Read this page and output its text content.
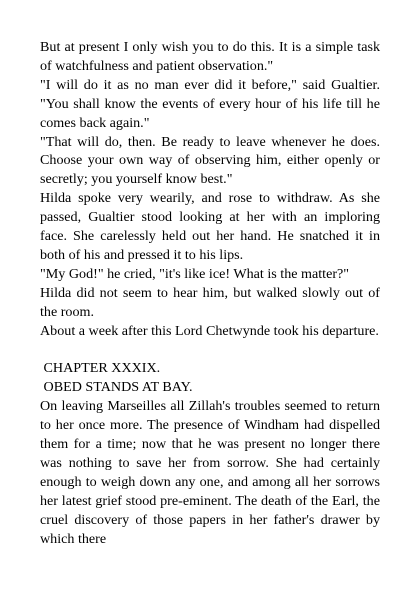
But at present I only wish you to do this. It is a simple task of watchfulness and patient observation."

"I will do it as no man ever did it before," said Gualtier. "You shall know the events of every hour of his life till he comes back again."

"That will do, then. Be ready to leave whenever he does. Choose your own way of observing him, either openly or secretly; you yourself know best."

Hilda spoke very wearily, and rose to withdraw. As she passed, Gualtier stood looking at her with an imploring face. She carelessly held out her hand. He snatched it in both of his and pressed it to his lips.

"My God!" he cried, "it's like ice! What is the matter?"

Hilda did not seem to hear him, but walked slowly out of the room.

About a week after this Lord Chetwynde took his departure.

CHAPTER XXXIX.

OBED STANDS AT BAY.

On leaving Marseilles all Zillah's troubles seemed to return to her once more. The presence of Windham had dispelled them for a time; now that he was present no longer there was nothing to save her from sorrow. She had certainly enough to weigh down any one, and among all her sorrows her latest grief stood pre-eminent. The death of the Earl, the cruel discovery of those papers in her father's drawer by which there
